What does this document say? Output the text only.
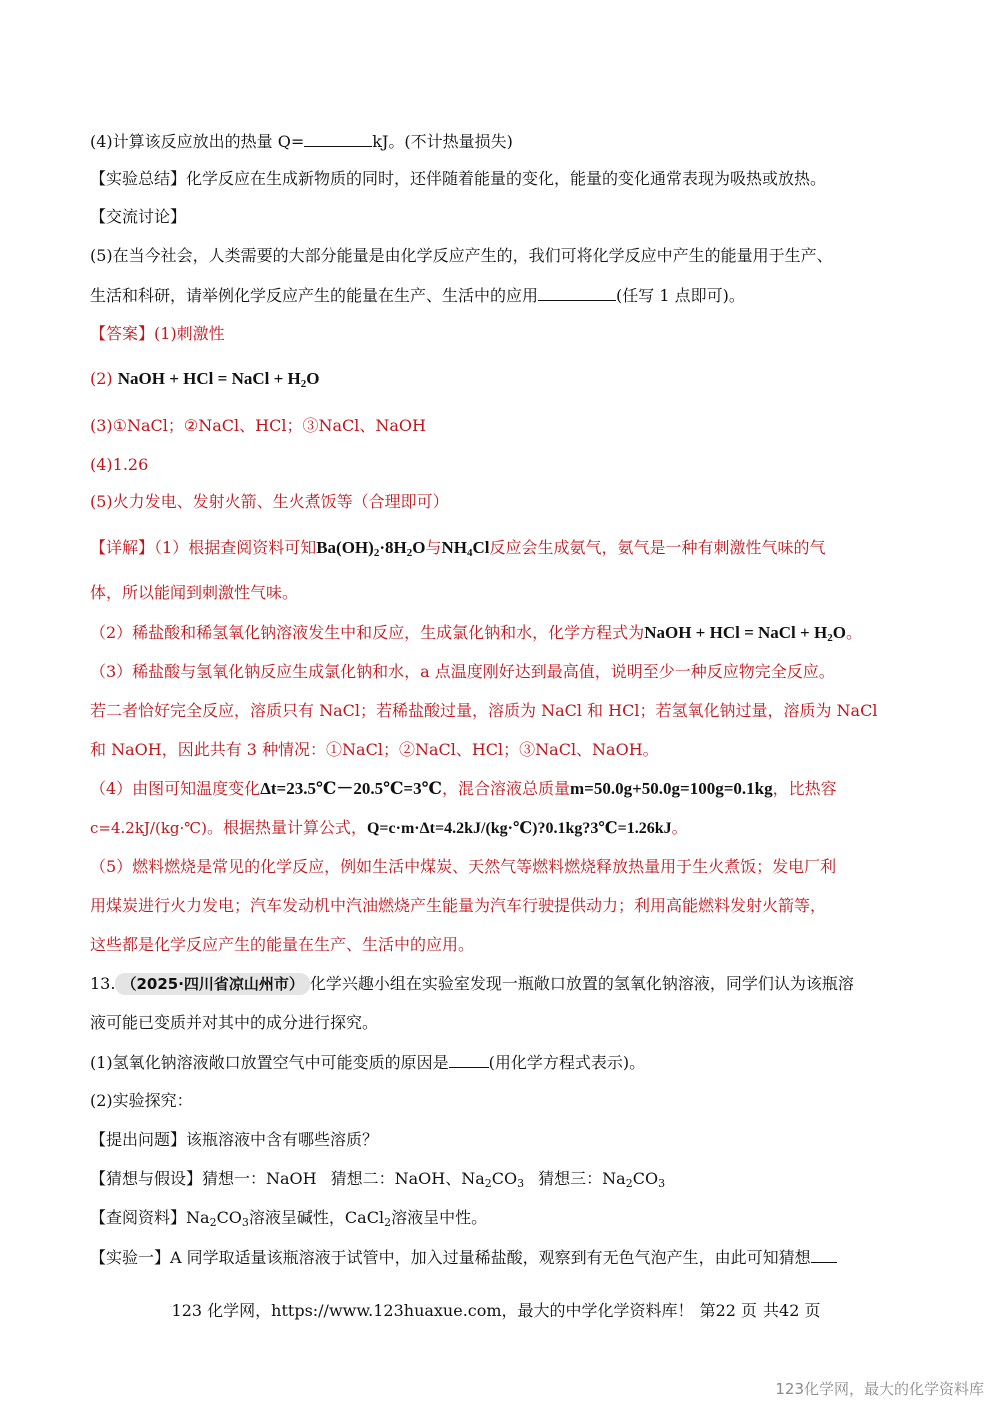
(4)计算该反应放出的热量 Q=	kJ。(不计热量损失)
【实验总结】化学反应在生成新物质的同时，还伴随着能量的变化，能量的变化通常表现为吸热或放热。
【交流讨论】
(5)在当今社会，人类需要的大部分能量是由化学反应产生的，我们可将化学反应中产生的能量用于生产、
生活和科研，请举例化学反应产生的能量在生产、生活中的应用	(任写 1 点即可)。
【答案】(1)刺激性
(2) NaOH + HCl = NaCl + $H_2O$
(3)①NaCl；②NaCl、HCl；③NaCl、NaOH
(4)1.26
(5)火力发电、发射火箭、生火煮饭等（合理即可）
【详解】（1）根据查阅资料可知$Ba(OH)_2\cdot 8H_2O$与$NH_4Cl$反应会生成氨气，氨气是一种有刺激性气味的气
体，所以能闻到刺激性气味。
（2）稀盐酸和稀氢氧化钠溶液发生中和反应，生成氯化钠和水，化学方程式为NaOH + HCl = NaCl + $H_2O$。
（3）稀盐酸与氢氧化钠反应生成氯化钠和水，a 点温度刚好达到最高值，说明至少一种反应物完全反应。
若二者恰好完全反应，溶质只有 NaCl；若稀盐酸过量，溶质为 NaCl 和 HCl；若氢氧化钠过量，溶质为 NaCl
和 NaOH，因此共有 3 种情况：①NaCl；②NaCl、HCl；③NaCl、NaOH。
（4）由图可知温度变化Δt=23.5℃－20.5℃=3℃，混合溶液总质量m=50.0g+50.0g=100g=0.1kg，比热容
c=4.2kJ/(kg·℃)。根据热量计算公式，Q=c·m·Δt=4.2kJ/(kg·℃)?0.1kg?3℃=1.26kJ。
（5）燃料燃烧是常见的化学反应，例如生活中煤炭、天然气等燃料燃烧释放热量用于生火煮饭；发电厂利
用煤炭进行火力发电；汽车发动机中汽油燃烧产生能量为汽车行驶提供动力；利用高能燃料发射火箭等，
这些都是化学反应产生的能量在生产、生活中的应用。
13. （2025·四川省凉山州市） 化学兴趣小组在实验室发现一瓶敞口放置的氢氧化钠溶液，同学们认为该瓶溶
液可能已变质并对其中的成分进行探究。
(1)氢氧化钠溶液敞口放置空气中可能变质的原因是	(用化学方程式表示)。
(2)实验探究：
【提出问题】该瓶溶液中含有哪些溶质？
【猜想与假设】猜想一：NaOH 猜想二：NaOH、$Na_2CO_3$ 猜想三：$Na_2CO_3$
【查阅资料】$Na_2CO_3$溶液呈碱性，CaCl$_2$溶液呈中性。
【实验一】A 同学取适量该瓶溶液于试管中，加入过量稀盐酸，观察到有无色气泡产生，由此可知猜想
123 化学网，https://www.123huaxue.com，最大的中学化学资料库！ 第22 页 共42 页
123化学网，最大的化学资料库
